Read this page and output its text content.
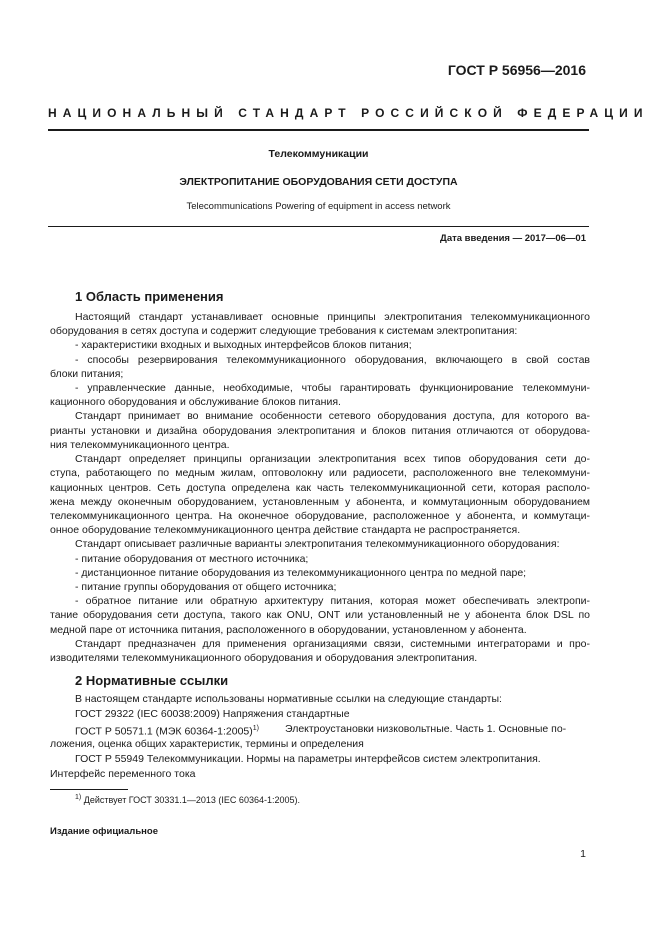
ГОСТ Р 56956—2016
НАЦИОНАЛЬНЫЙ СТАНДАРТ РОССИЙСКОЙ ФЕДЕРАЦИИ
Телекоммуникации
ЭЛЕКТРОПИТАНИЕ ОБОРУДОВАНИЯ СЕТИ ДОСТУПА
Telecommunications Powering of equipment in access network
Дата введения — 2017—06—01
1 Область применения
Настоящий стандарт устанавливает основные принципы электропитания телекоммуникационного
оборудования в сетях доступа и содержит следующие требования к системам электропитания:
- характеристики входных и выходных интерфейсов блоков питания;
- способы резервирования телекоммуникационного оборудования, включающего в свой состав
блоки питания;
- управленческие данные, необходимые, чтобы гарантировать функционирование телекоммуни-
кационного оборудования и обслуживание блоков питания.
Стандарт принимает во внимание особенности сетевого оборудования доступа, для которого ва-
рианты установки и дизайна оборудования электропитания и блоков питания отличаются от оборудова-
ния телекоммуникационного центра.
Стандарт определяет принципы организации электропитания всех типов оборудования сети до-
ступа, работающего по медным жилам, оптоволокну или радиосети, расположенного вне телекоммуни-
кационных центров. Сеть доступа определена как часть телекоммуникационной сети, которая располо-
жена между оконечным оборудованием, установленным у абонента, и коммутационным оборудованием
телекоммуникационного центра. На оконечное оборудование, расположенное у абонента, и коммутаци-
онное оборудование телекоммуникационного центра действие стандарта не распространяется.
Стандарт описывает различные варианты электропитания телекоммуникационного оборудования:
- питание оборудования от местного источника;
- дистанционное питание оборудования из телекоммуникационного центра по медной паре;
- питание группы оборудования от общего источника;
- обратное питание или обратную архитектуру питания, которая может обеспечивать электропи-
тание оборудования сети доступа, такого как ONU, ONT или установленный не у абонента блок DSL по
медной паре от источника питания, расположенного в оборудовании, установленном у абонента.
Стандарт предназначен для применения организациями связи, системными интеграторами и про-
изводителями телекоммуникационного оборудования и оборудования электропитания.
2 Нормативные ссылки
В настоящем стандарте использованы нормативные ссылки на следующие стандарты:
ГОСТ 29322 (IEC 60038:2009) Напряжения стандартные
ГОСТ Р 50571.1 (МЭК 60364-1:2005)$^{1)}$ Электроустановки низковольтные. Часть 1. Основные по-
ложения, оценка общих характеристик, термины и определения
ГОСТ Р 55949 Телекоммуникации. Нормы на параметры интерфейсов систем электропитания.
Интерфейс переменного тока
$^{1)}$ Действует ГОСТ 30331.1—2013 (IEC 60364-1:2005).
Издание официальное
1
